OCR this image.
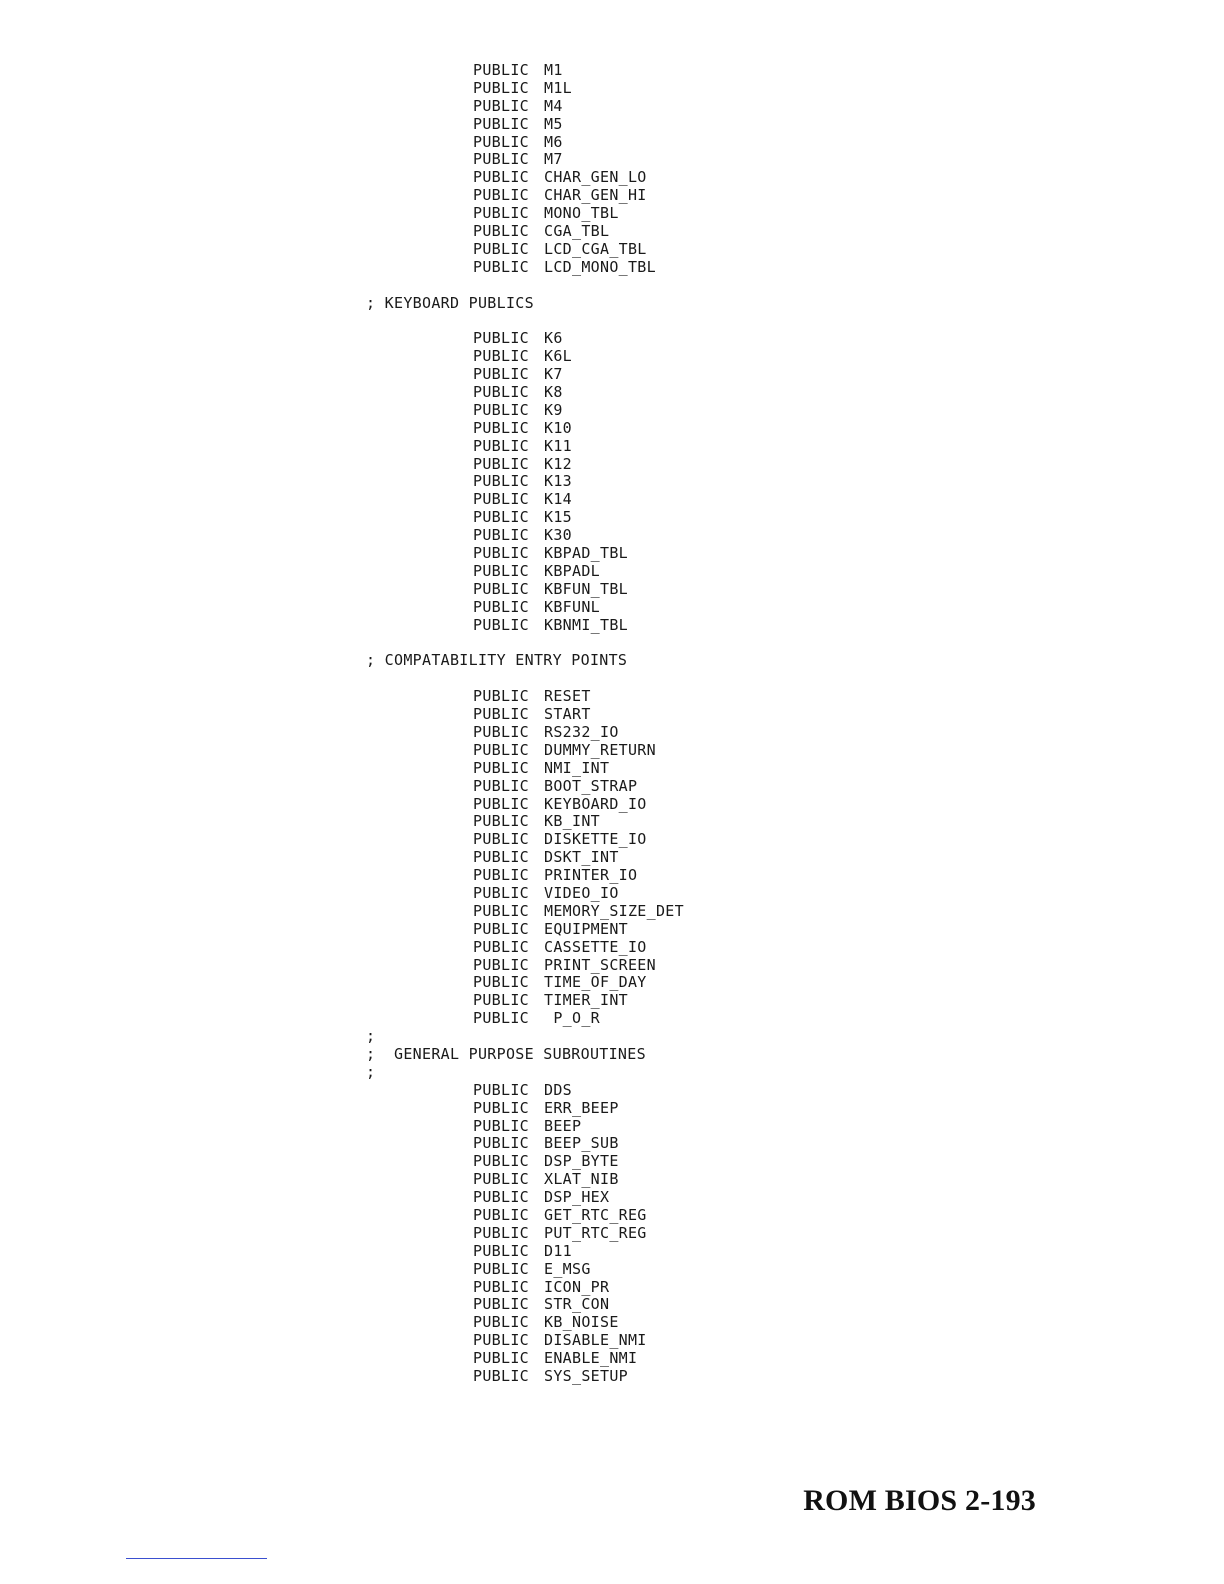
PUBLIC M1
PUBLIC M1L
PUBLIC M4
PUBLIC M5
PUBLIC M6
PUBLIC M7
PUBLIC CHAR_GEN_LO
PUBLIC CHAR_GEN_HI
PUBLIC MONO_TBL
PUBLIC CGA_TBL
PUBLIC LCD_CGA_TBL
PUBLIC LCD_MONO_TBL
; KEYBOARD PUBLICS
PUBLIC K6
PUBLIC K6L
PUBLIC K7
PUBLIC K8
PUBLIC K9
PUBLIC K10
PUBLIC K11
PUBLIC K12
PUBLIC K13
PUBLIC K14
PUBLIC K15
PUBLIC K30
PUBLIC KBPAD_TBL
PUBLIC KBPADL
PUBLIC KBFUN_TBL
PUBLIC KBFUNL
PUBLIC KBNMI_TBL
; COMPATABILITY ENTRY POINTS
PUBLIC RESET
PUBLIC START
PUBLIC RS232_IO
PUBLIC DUMMY_RETURN
PUBLIC NMI_INT
PUBLIC BOOT_STRAP
PUBLIC KEYBOARD_IO
PUBLIC KB_INT
PUBLIC DISKETTE_IO
PUBLIC DSKT_INT
PUBLIC PRINTER_IO
PUBLIC VIDEO_IO
PUBLIC MEMORY_SIZE_DET
PUBLIC EQUIPMENT
PUBLIC CASSETTE_IO
PUBLIC PRINT_SCREEN
PUBLIC TIME_OF_DAY
PUBLIC TIMER_INT
PUBLIC P_O_R
;
;  GENERAL PURPOSE SUBROUTINES
;
PUBLIC DDS
PUBLIC ERR_BEEP
PUBLIC BEEP
PUBLIC BEEP_SUB
PUBLIC DSP_BYTE
PUBLIC XLAT_NIB
PUBLIC DSP_HEX
PUBLIC GET_RTC_REG
PUBLIC PUT_RTC_REG
PUBLIC D11
PUBLIC E_MSG
PUBLIC ICON_PR
PUBLIC STR_CON
PUBLIC KB_NOISE
PUBLIC DISABLE_NMI
PUBLIC ENABLE_NMI
PUBLIC SYS_SETUP
ROM BIOS 2-193
